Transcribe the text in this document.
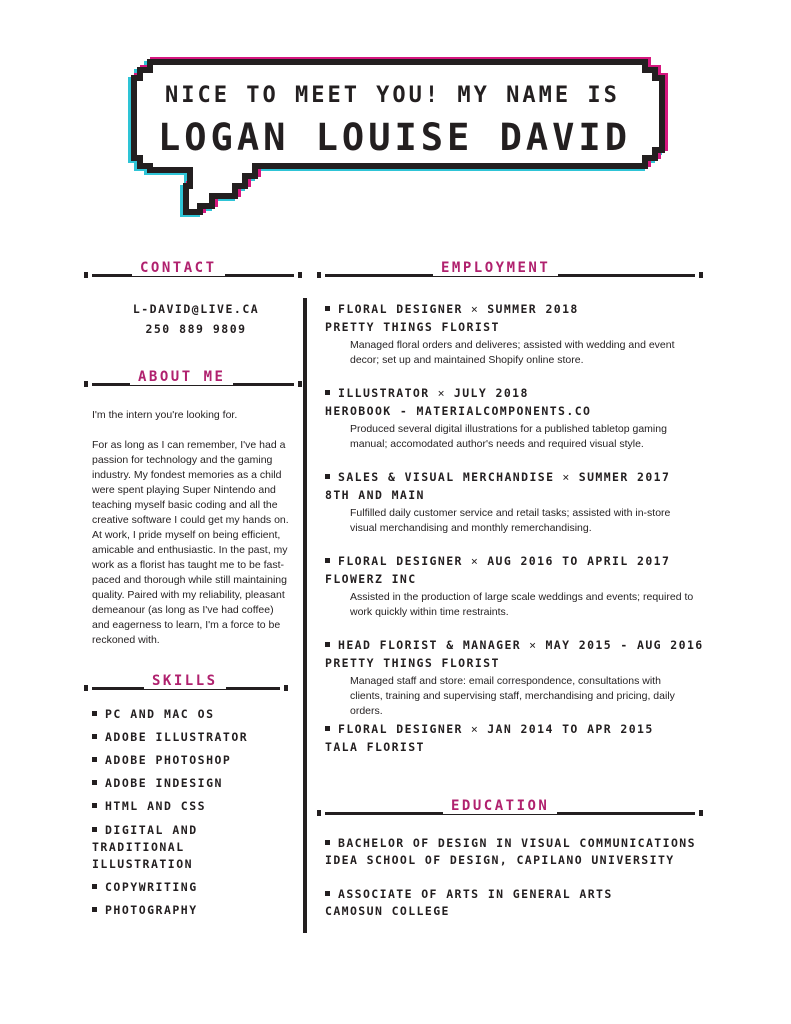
NICE TO MEET YOU! MY NAME IS
LOGAN LOUISE DAVID
CONTACT
L-DAVID@LIVE.CA
250 889 9809
ABOUT ME

I'm the intern you're looking for.

For as long as I can remember, I've had a passion for technology and the gaming industry. My fondest memories as a child were spent playing Super Nintendo and teaching myself basic coding and all the creative software I could get my hands on. At work, I pride myself on being efficient, amicable and enthusiastic. In the past, my work as a florist has taught me to be fast-paced and thorough while still maintaining quality. Paired with my reliability, pleasant demeanour (as long as I've had coffee) and eagerness to learn, I'm a force to be reckoned with.

SKILLS
PC AND MAC OS
ADOBE ILLUSTRATOR
ADOBE PHOTOSHOP
ADOBE INDESIGN
HTML AND CSS
DIGITAL AND TRADITIONAL ILLUSTRATION
COPYWRITING
PHOTOGRAPHY
EMPLOYMENT
FLORAL DESIGNER × SUMMER 2018
PRETTY THINGS FLORIST
Managed floral orders and deliveres; assisted with wedding and event decor; set up and maintained Shopify online store.
ILLUSTRATOR × JULY 2018
HEROBOOK - MATERIALCOMPONENTS.CO
Produced several digital illustrations for a published tabletop gaming manual; accomodated author's needs and required visual style.
SALES & VISUAL MERCHANDISE × SUMMER 2017
8TH AND MAIN
Fulfilled daily customer service and retail tasks; assisted with in-store visual merchandising and monthly remerchandising.
FLORAL DESIGNER × AUG 2016 TO APRIL 2017
FLOWERZ INC
Assisted in the production of large scale weddings and events; required to work quickly within time restraints.
HEAD FLORIST & MANAGER × MAY 2015 - AUG 2016
PRETTY THINGS FLORIST
Managed staff and store: email correspondence, consultations with clients, training and supervising staff, merchandising and pricing, daily orders.
FLORAL DESIGNER × JAN 2014 TO APR 2015
TALA FLORIST
EDUCATION
BACHELOR OF DESIGN IN VISUAL COMMUNICATIONS
IDEA SCHOOL OF DESIGN, CAPILANO UNIVERSITY
ASSOCIATE OF ARTS IN GENERAL ARTS
CAMOSUN COLLEGE
